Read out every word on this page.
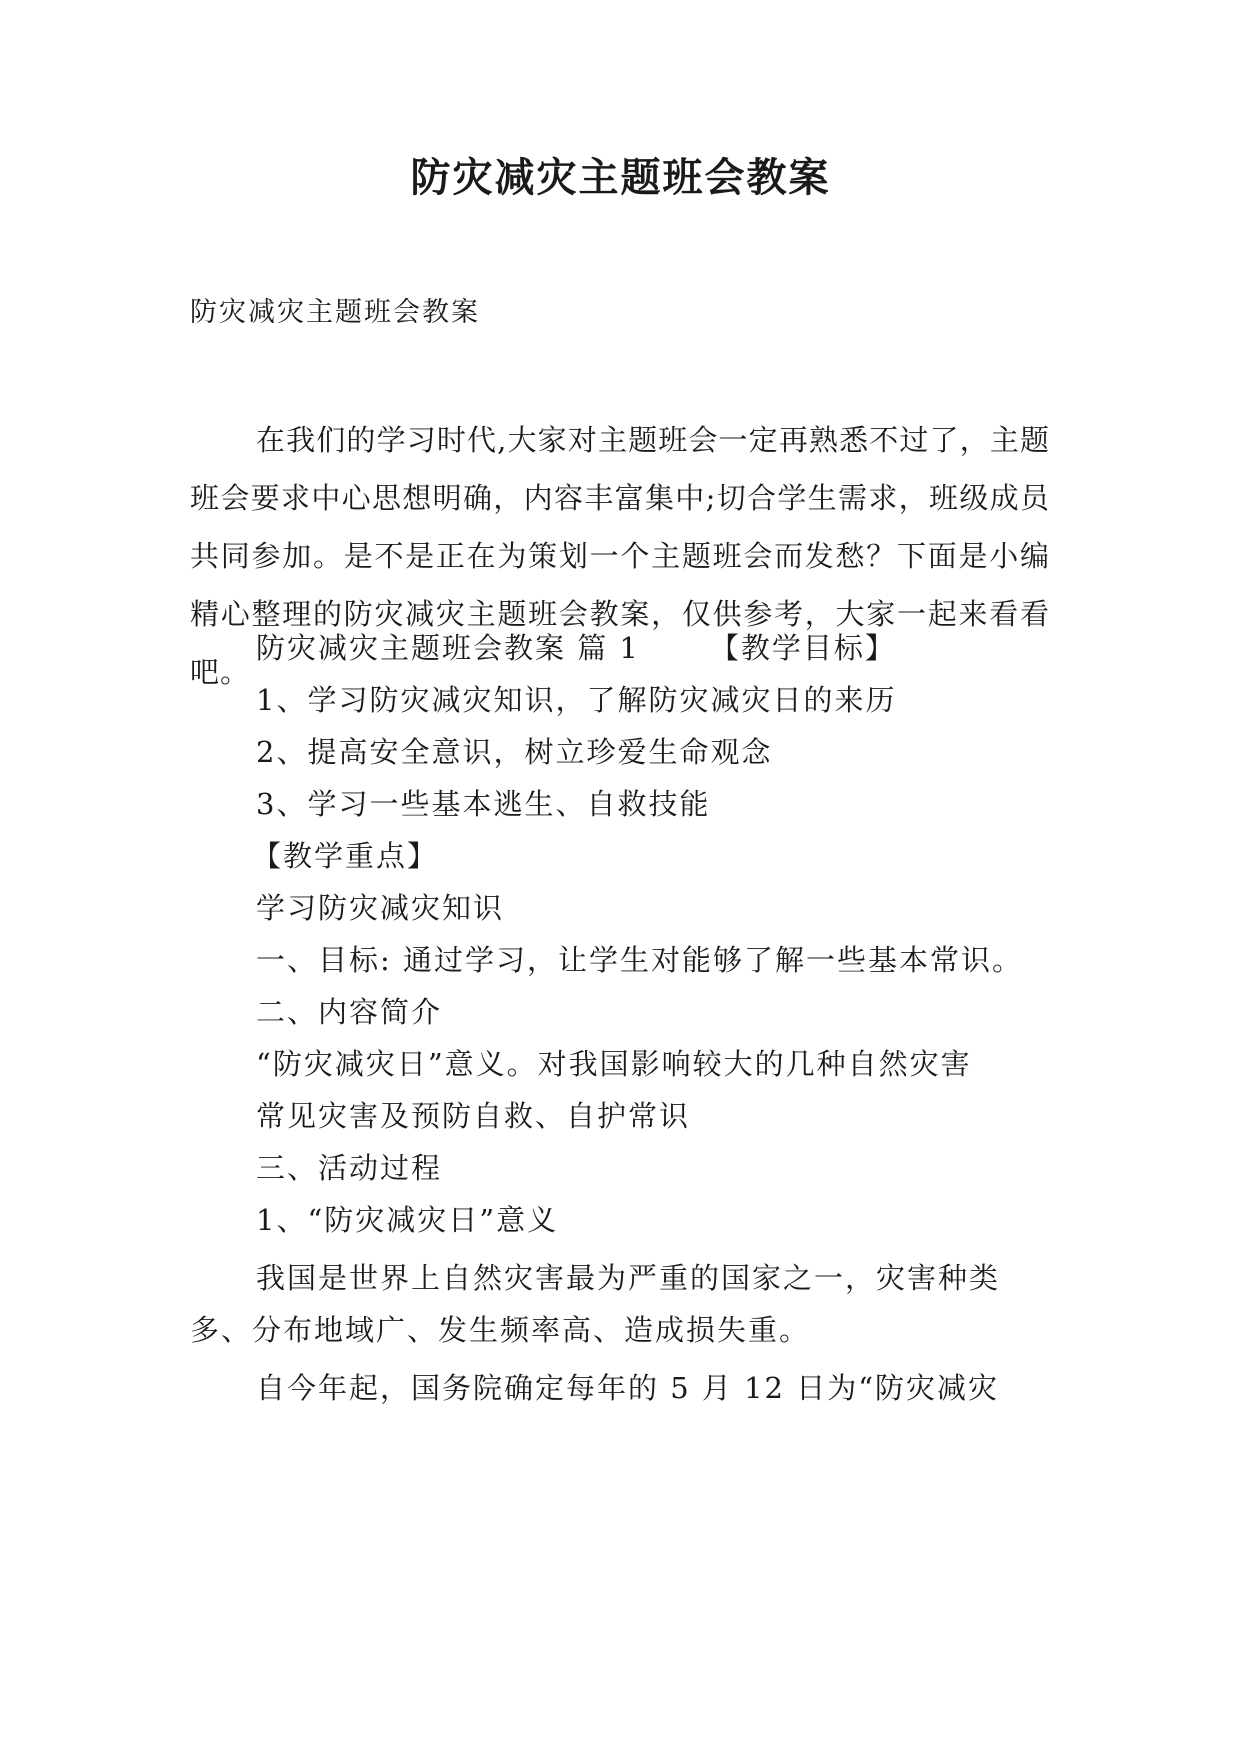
防灾减灾主题班会教案
防灾减灾主题班会教案

在我们的学习时代,大家对主题班会一定再熟悉不过了，主题班会要求中心思想明确，内容丰富集中;切合学生需求，班级成员共同参加。是不是正在为策划一个主题班会而发愁？下面是小编精心整理的防灾减灾主题班会教案，仅供参考，大家一起来看看吧。

防灾减灾主题班会教案 篇 1 【教学目标】
1、学习防灾减灾知识，了解防灾减灾日的来历
2、提高安全意识，树立珍爱生命观念
3、学习一些基本逃生、自救技能
【教学重点】
学习防灾减灾知识
一、目标: 通过学习，让学生对能够了解一些基本常识。
二、内容简介
“防灾减灾日”意义。对我国影响较大的几种自然灾害
常见灾害及预防自救、自护常识
三、活动过程
1、“防灾减灾日”意义
我国是世界上自然灾害最为严重的国家之一，灾害种类
多、分布地域广、发生频率高、造成损失重。
自今年起，国务院确定每年的 5 月 12 日为“防灾减灾
